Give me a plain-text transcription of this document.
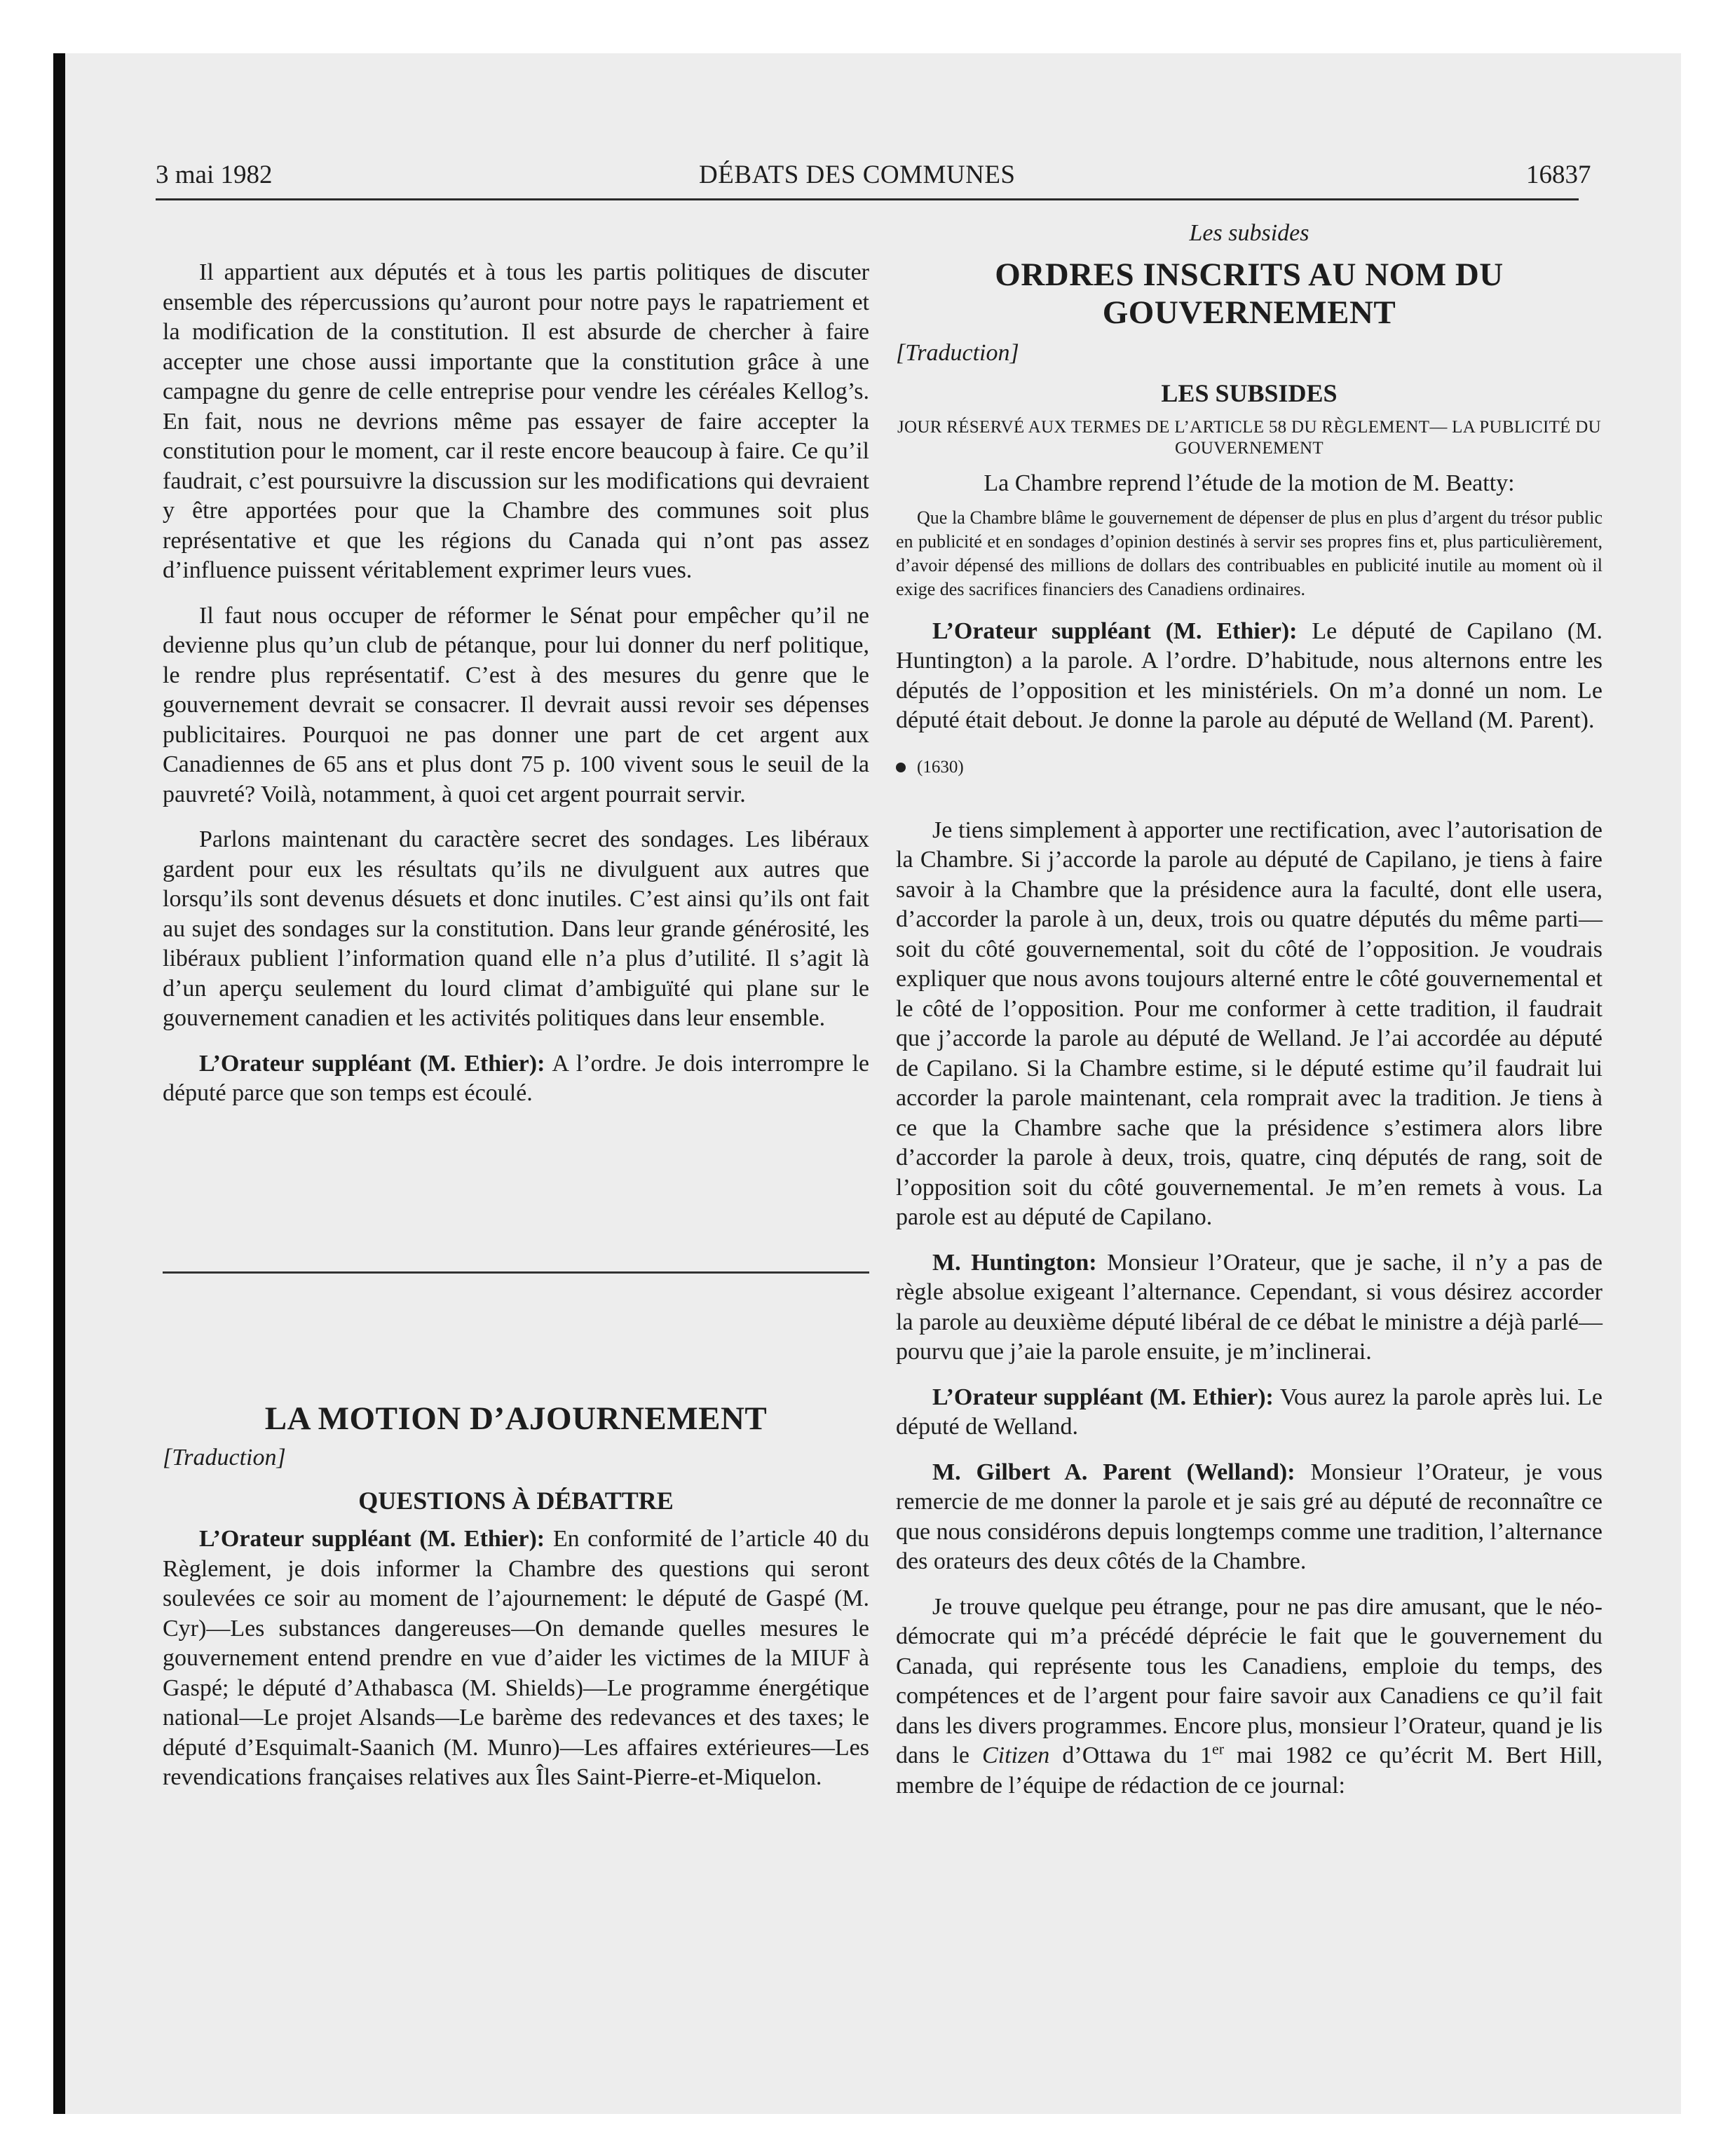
3 mai 1982	DÉBATS DES COMMUNES	16837

Il appartient aux députés et à tous les partis politiques de discuter ensemble des répercussions qu’auront pour notre pays le rapatriement et la modification de la constitution. Il est absurde de chercher à faire accepter une chose aussi importante que la constitution grâce à une campagne du genre de celle entreprise pour vendre les céréales Kellog’s. En fait, nous ne devrions même pas essayer de faire accepter la constitution pour le moment, car il reste encore beaucoup à faire. Ce qu’il faudrait, c’est poursuivre la discussion sur les modifications qui devraient y être apportées pour que la Chambre des communes soit plus représentative et que les régions du Canada qui n’ont pas assez d’influence puissent véritablement exprimer leurs vues.

Il faut nous occuper de réformer le Sénat pour empêcher qu’il ne devienne plus qu’un club de pétanque, pour lui donner du nerf politique, le rendre plus représentatif. C’est à des mesures du genre que le gouvernement devrait se consacrer. Il devrait aussi revoir ses dépenses publicitaires. Pourquoi ne pas donner une part de cet argent aux Canadiennes de 65 ans et plus dont 75 p. 100 vivent sous le seuil de la pauvreté? Voilà, notamment, à quoi cet argent pourrait servir.

Parlons maintenant du caractère secret des sondages. Les libéraux gardent pour eux les résultats qu’ils ne divulguent aux autres que lorsqu’ils sont devenus désuets et donc inutiles. C’est ainsi qu’ils ont fait au sujet des sondages sur la constitution. Dans leur grande générosité, les libéraux publient l’information quand elle n’a plus d’utilité. Il s’agit là d’un aperçu seulement du lourd climat d’ambiguïté qui plane sur le gouvernement canadien et les activités politiques dans leur ensemble.

L’Orateur suppléant (M. Ethier): A l’ordre. Je dois interrompre le député parce que son temps est écoulé.

LA MOTION D’AJOURNEMENT

[Traduction]

QUESTIONS À DÉBATTRE

L’Orateur suppléant (M. Ethier): En conformité de l’article 40 du Règlement, je dois informer la Chambre des questions qui seront soulevées ce soir au moment de l’ajournement: le député de Gaspé (M. Cyr)—Les substances dangereuses—On demande quelles mesures le gouvernement entend prendre en vue d’aider les victimes de la MIUF à Gaspé; le député d’Athabasca (M. Shields)—Le programme énergétique national—Le projet Alsands—Le barème des redevances et des taxes; le député d’Esquimalt-Saanich (M. Munro)—Les affaires extérieures—Les revendications françaises relatives aux Îles Saint-Pierre-et-Miquelon.

Les subsides

ORDRES INSCRITS AU NOM DU GOUVERNEMENT

[Traduction]

LES SUBSIDES

JOUR RÉSERVÉ AUX TERMES DE L’ARTICLE 58 DU RÈGLEMENT— LA PUBLICITÉ DU GOUVERNEMENT

La Chambre reprend l’étude de la motion de M. Beatty:

Que la Chambre blâme le gouvernement de dépenser de plus en plus d’argent du trésor public en publicité et en sondages d’opinion destinés à servir ses propres fins et, plus particulièrement, d’avoir dépensé des millions de dollars des contribuables en publicité inutile au moment où il exige des sacrifices financiers des Canadiens ordinaires.

L’Orateur suppléant (M. Ethier): Le député de Capilano (M. Huntington) a la parole. A l’ordre. D’habitude, nous alternons entre les députés de l’opposition et les ministériels. On m’a donné un nom. Le député était debout. Je donne la parole au député de Welland (M. Parent).

(1630)

Je tiens simplement à apporter une rectification, avec l’autorisation de la Chambre. Si j’accorde la parole au député de Capilano, je tiens à faire savoir à la Chambre que la présidence aura la faculté, dont elle usera, d’accorder la parole à un, deux, trois ou quatre députés du même parti—soit du côté gouvernemental, soit du côté de l’opposition. Je voudrais expliquer que nous avons toujours alterné entre le côté gouvernemental et le côté de l’opposition. Pour me conformer à cette tradition, il faudrait que j’accorde la parole au député de Welland. Je l’ai accordée au député de Capilano. Si la Chambre estime, si le député estime qu’il faudrait lui accorder la parole maintenant, cela romprait avec la tradition. Je tiens à ce que la Chambre sache que la présidence s’estimera alors libre d’accorder la parole à deux, trois, quatre, cinq députés de rang, soit de l’opposition soit du côté gouvernemental. Je m’en remets à vous. La parole est au député de Capilano.

M. Huntington: Monsieur l’Orateur, que je sache, il n’y a pas de règle absolue exigeant l’alternance. Cependant, si vous désirez accorder la parole au deuxième député libéral de ce débat le ministre a déjà parlé—pourvu que j’aie la parole ensuite, je m’inclinerai.

L’Orateur suppléant (M. Ethier): Vous aurez la parole après lui. Le député de Welland.

M. Gilbert A. Parent (Welland): Monsieur l’Orateur, je vous remercie de me donner la parole et je sais gré au député de reconnaître ce que nous considérons depuis longtemps comme une tradition, l’alternance des orateurs des deux côtés de la Chambre.

Je trouve quelque peu étrange, pour ne pas dire amusant, que le néo-démocrate qui m’a précédé déprécie le fait que le gouvernement du Canada, qui représente tous les Canadiens, emploie du temps, des compétences et de l’argent pour faire savoir aux Canadiens ce qu’il fait dans les divers programmes. Encore plus, monsieur l’Orateur, quand je lis dans le Citizen d’Ottawa du 1er mai 1982 ce qu’écrit M. Bert Hill, membre de l’équipe de rédaction de ce journal:
